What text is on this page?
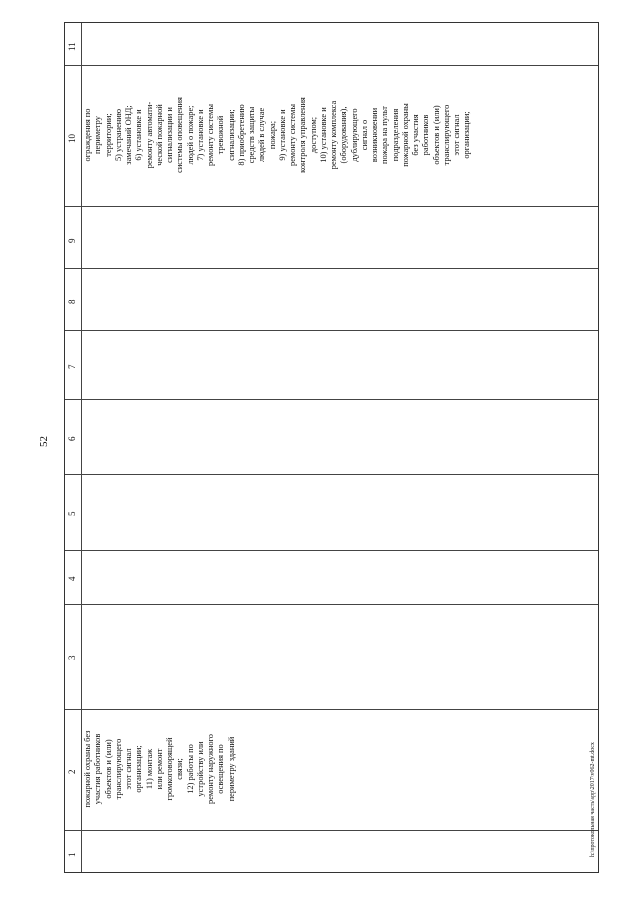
52
11
10
9
8
7
6
5
4
3
2
1
ограждения по периметру территории; 5) устранению замечаний ОНД; 6) установке и ремонту автомати- ческой пожарной сигнализации и системы оповещения людей о пожаре; 7) установке и ремонту системы тревожной сигнализации; 8) приобретению средств защиты людей в случае пожара; 9) установке и ремонту системы контроля управления доступом; 10) установке и ремонту комплекса (оборудования), дублирующего сигнал о возникновении пожара на пульт подразделения пожарной охраны без участия работников объектов и (или) транслирующего этот сигнал организации;
пожарной охраны без участия работников объектов и (или) транслирующего этот сигнал организации; 11) монтаж или ремонт громкоговорящей связи; 12) работы по устройству или ремонту наружного освещения по периметру зданий	h:\протокольная часть\spp\2017\v062-mt.docx
